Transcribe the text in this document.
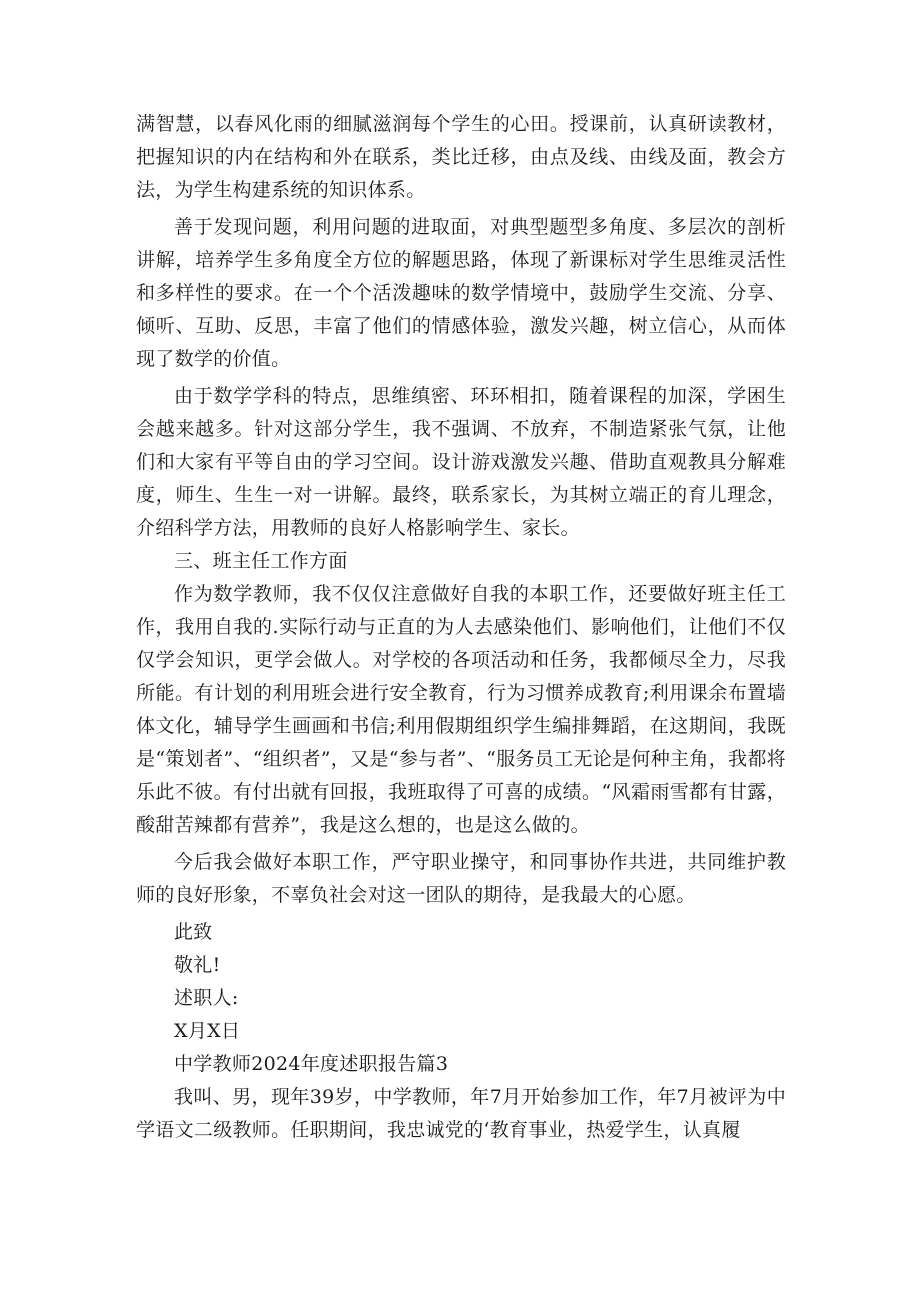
满智慧，以春风化雨的细腻滋润每个学生的心田。授课前，认真研读教材，把握知识的内在结构和外在联系，类比迁移，由点及线、由线及面，教会方法，为学生构建系统的知识体系。

善于发现问题，利用问题的进取面，对典型题型多角度、多层次的剖析讲解，培养学生多角度全方位的解题思路，体现了新课标对学生思维灵活性和多样性的要求。在一个个活泼趣味的数学情境中，鼓励学生交流、分享、倾听、互助、反思，丰富了他们的情感体验，激发兴趣，树立信心，从而体现了数学的价值。

由于数学学科的特点，思维缜密、环环相扣，随着课程的加深，学困生会越来越多。针对这部分学生，我不强调、不放弃，不制造紧张气氛，让他们和大家有平等自由的学习空间。设计游戏激发兴趣、借助直观教具分解难度，师生、生生一对一讲解。最终，联系家长，为其树立端正的育儿理念，介绍科学方法，用教师的良好人格影响学生、家长。

三、班主任工作方面

作为数学教师，我不仅仅注意做好自我的本职工作，还要做好班主任工作，我用自我的.实际行动与正直的为人去感染他们、影响他们，让他们不仅仅学会知识，更学会做人。对学校的各项活动和任务，我都倾尽全力，尽我所能。有计划的利用班会进行安全教育，行为习惯养成教育;利用课余布置墙体文化，辅导学生画画和书信;利用假期组织学生编排舞蹈，在这期间，我既是“策划者”、“组织者”，又是“参与者”、“服务员工无论是何种主角，我都将乐此不彼。有付出就有回报，我班取得了可喜的成绩。“风霜雨雪都有甘露，酸甜苦辣都有营养”，我是这么想的，也是这么做的。

今后我会做好本职工作，严守职业操守，和同事协作共进，共同维护教师的良好形象，不辜负社会对这一团队的期待，是我最大的心愿。

此致

敬礼!

述职人:

X月X日

中学教师2024年度述职报告篇3

我叫、男，现年39岁，中学教师，年7月开始参加工作，年7月被评为中学语文二级教师。任职期间，我忠诚党的‘教育事业，热爱学生，认真履
